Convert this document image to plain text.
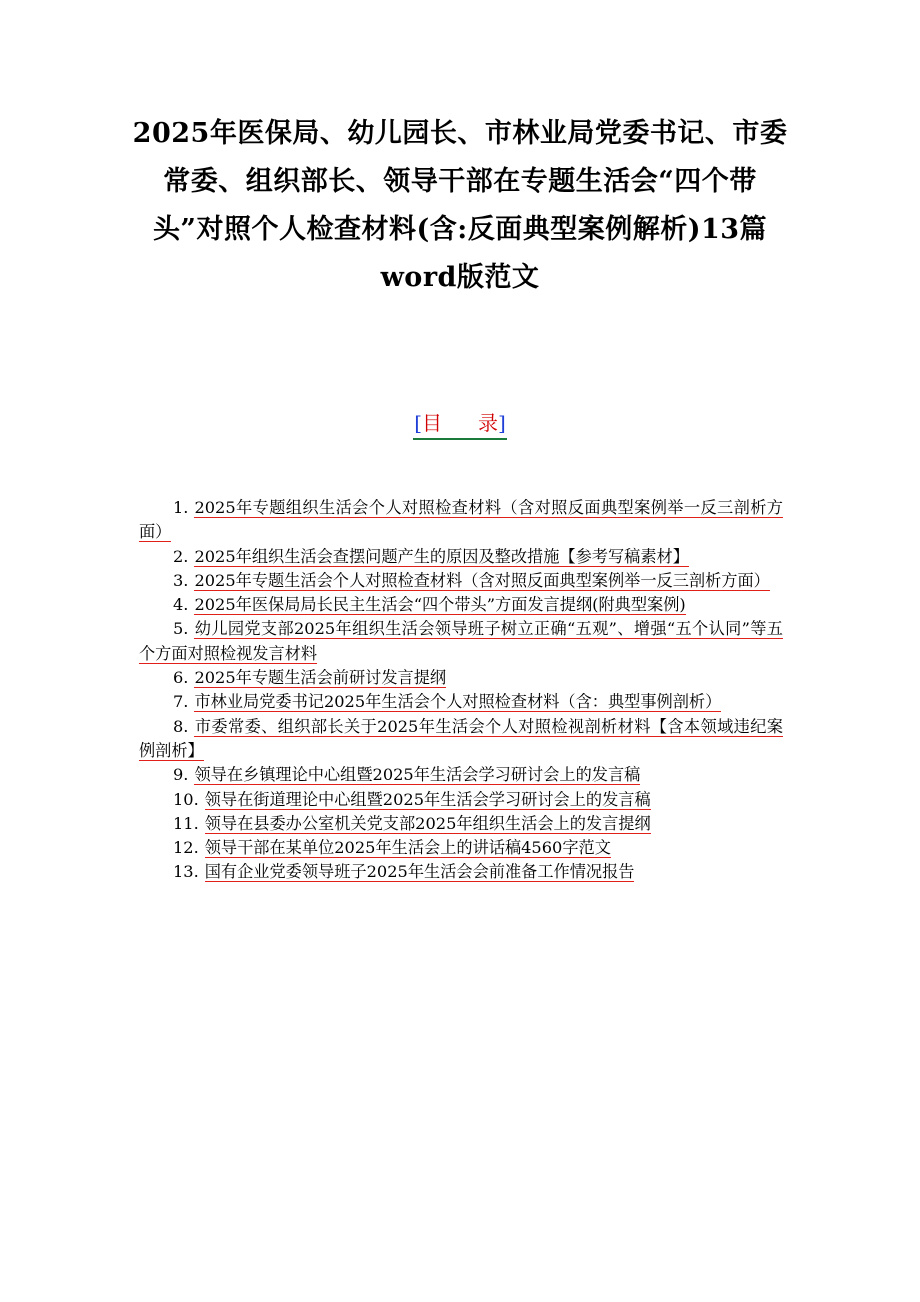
2025年医保局、幼儿园长、市林业局党委书记、市委常委、组织部长、领导干部在专题生活会“四个带头”对照个人检查材料(含:反面典型案例解析)13篇word版范文
[目 录]
1. 2025年专题组织生活会个人对照检查材料（含对照反面典型案例举一反三剖析方面）
2. 2025年组织生活会查摆问题产生的原因及整改措施【参考写稿素材】
3. 2025年专题生活会个人对照检查材料（含对照反面典型案例举一反三剖析方面）
4. 2025年医保局局长民主生活会“四个带头”方面发言提纲(附典型案例)
5. 幼儿园党支部2025年组织生活会领导班子树立正确“五观”、增强“五个认同”等五个方面对照检视发言材料
6. 2025年专题生活会前研讨发言提纲
7. 市林业局党委书记2025年生活会个人对照检查材料（含：典型事例剖析）
8. 市委常委、组织部长关于2025年生活会个人对照检视剖析材料【含本领域违纪案例剖析】
9. 领导在乡镇理论中心组暨2025年生活会学习研讨会上的发言稿
10. 领导在街道理论中心组暨2025年生活会学习研讨会上的发言稿
11. 领导在县委办公室机关党支部2025年组织生活会上的发言提纲
12. 领导干部在某单位2025年生活会上的讲话稿4560字范文
13. 国有企业党委领导班子2025年生活会会前准备工作情况报告
